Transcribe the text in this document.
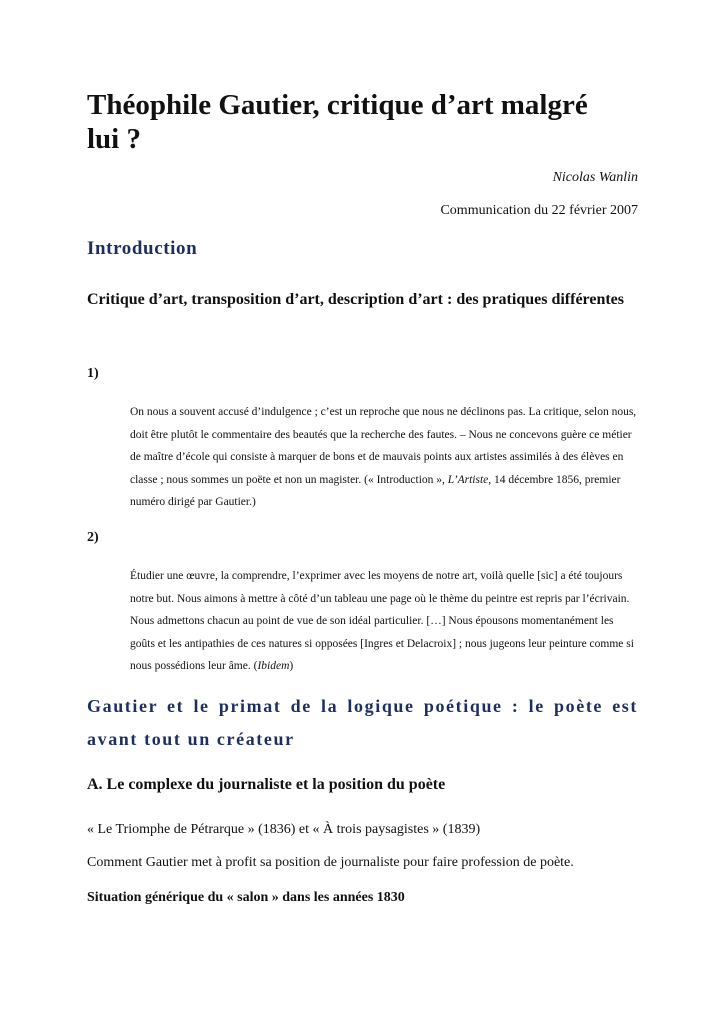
Théophile Gautier, critique d’art malgré lui ?
Nicolas Wanlin
Communication du 22 février 2007
Introduction
Critique d’art, transposition d’art, description d’art : des pratiques différentes
1)

On nous a souvent accusé d’indulgence ; c’est un reproche que nous ne déclinons pas. La critique, selon nous, doit être plutôt le commentaire des beautés que la recherche des fautes. – Nous ne concevons guère ce métier de maître d’école qui consiste à marquer de bons et de mauvais points aux artistes assimilés à des élèves en classe ; nous sommes un poëte et non un magister. (« Introduction », L’Artiste, 14 décembre 1856, premier numéro dirigé par Gautier.)

2)

Étudier une œuvre, la comprendre, l’exprimer avec les moyens de notre art, voilà quelle [sic] a été toujours notre but. Nous aimons à mettre à côté d’un tableau une page où le thème du peintre est repris par l’écrivain. Nous admettons chacun au point de vue de son idéal particulier. […] Nous épousons momentanément les goûts et les antipathies de ces natures si opposées [Ingres et Delacroix] ; nous jugeons leur peinture comme si nous possédions leur âme. (Ibidem)

Gautier et le primat de la logique poétique : le poète est avant tout un créateur
A. Le complexe du journaliste et la position du poète
« Le Triomphe de Pétrarque » (1836) et « À trois paysagistes » (1839)
Comment Gautier met à profit sa position de journaliste pour faire profession de poète.
Situation générique du « salon » dans les années 1830
